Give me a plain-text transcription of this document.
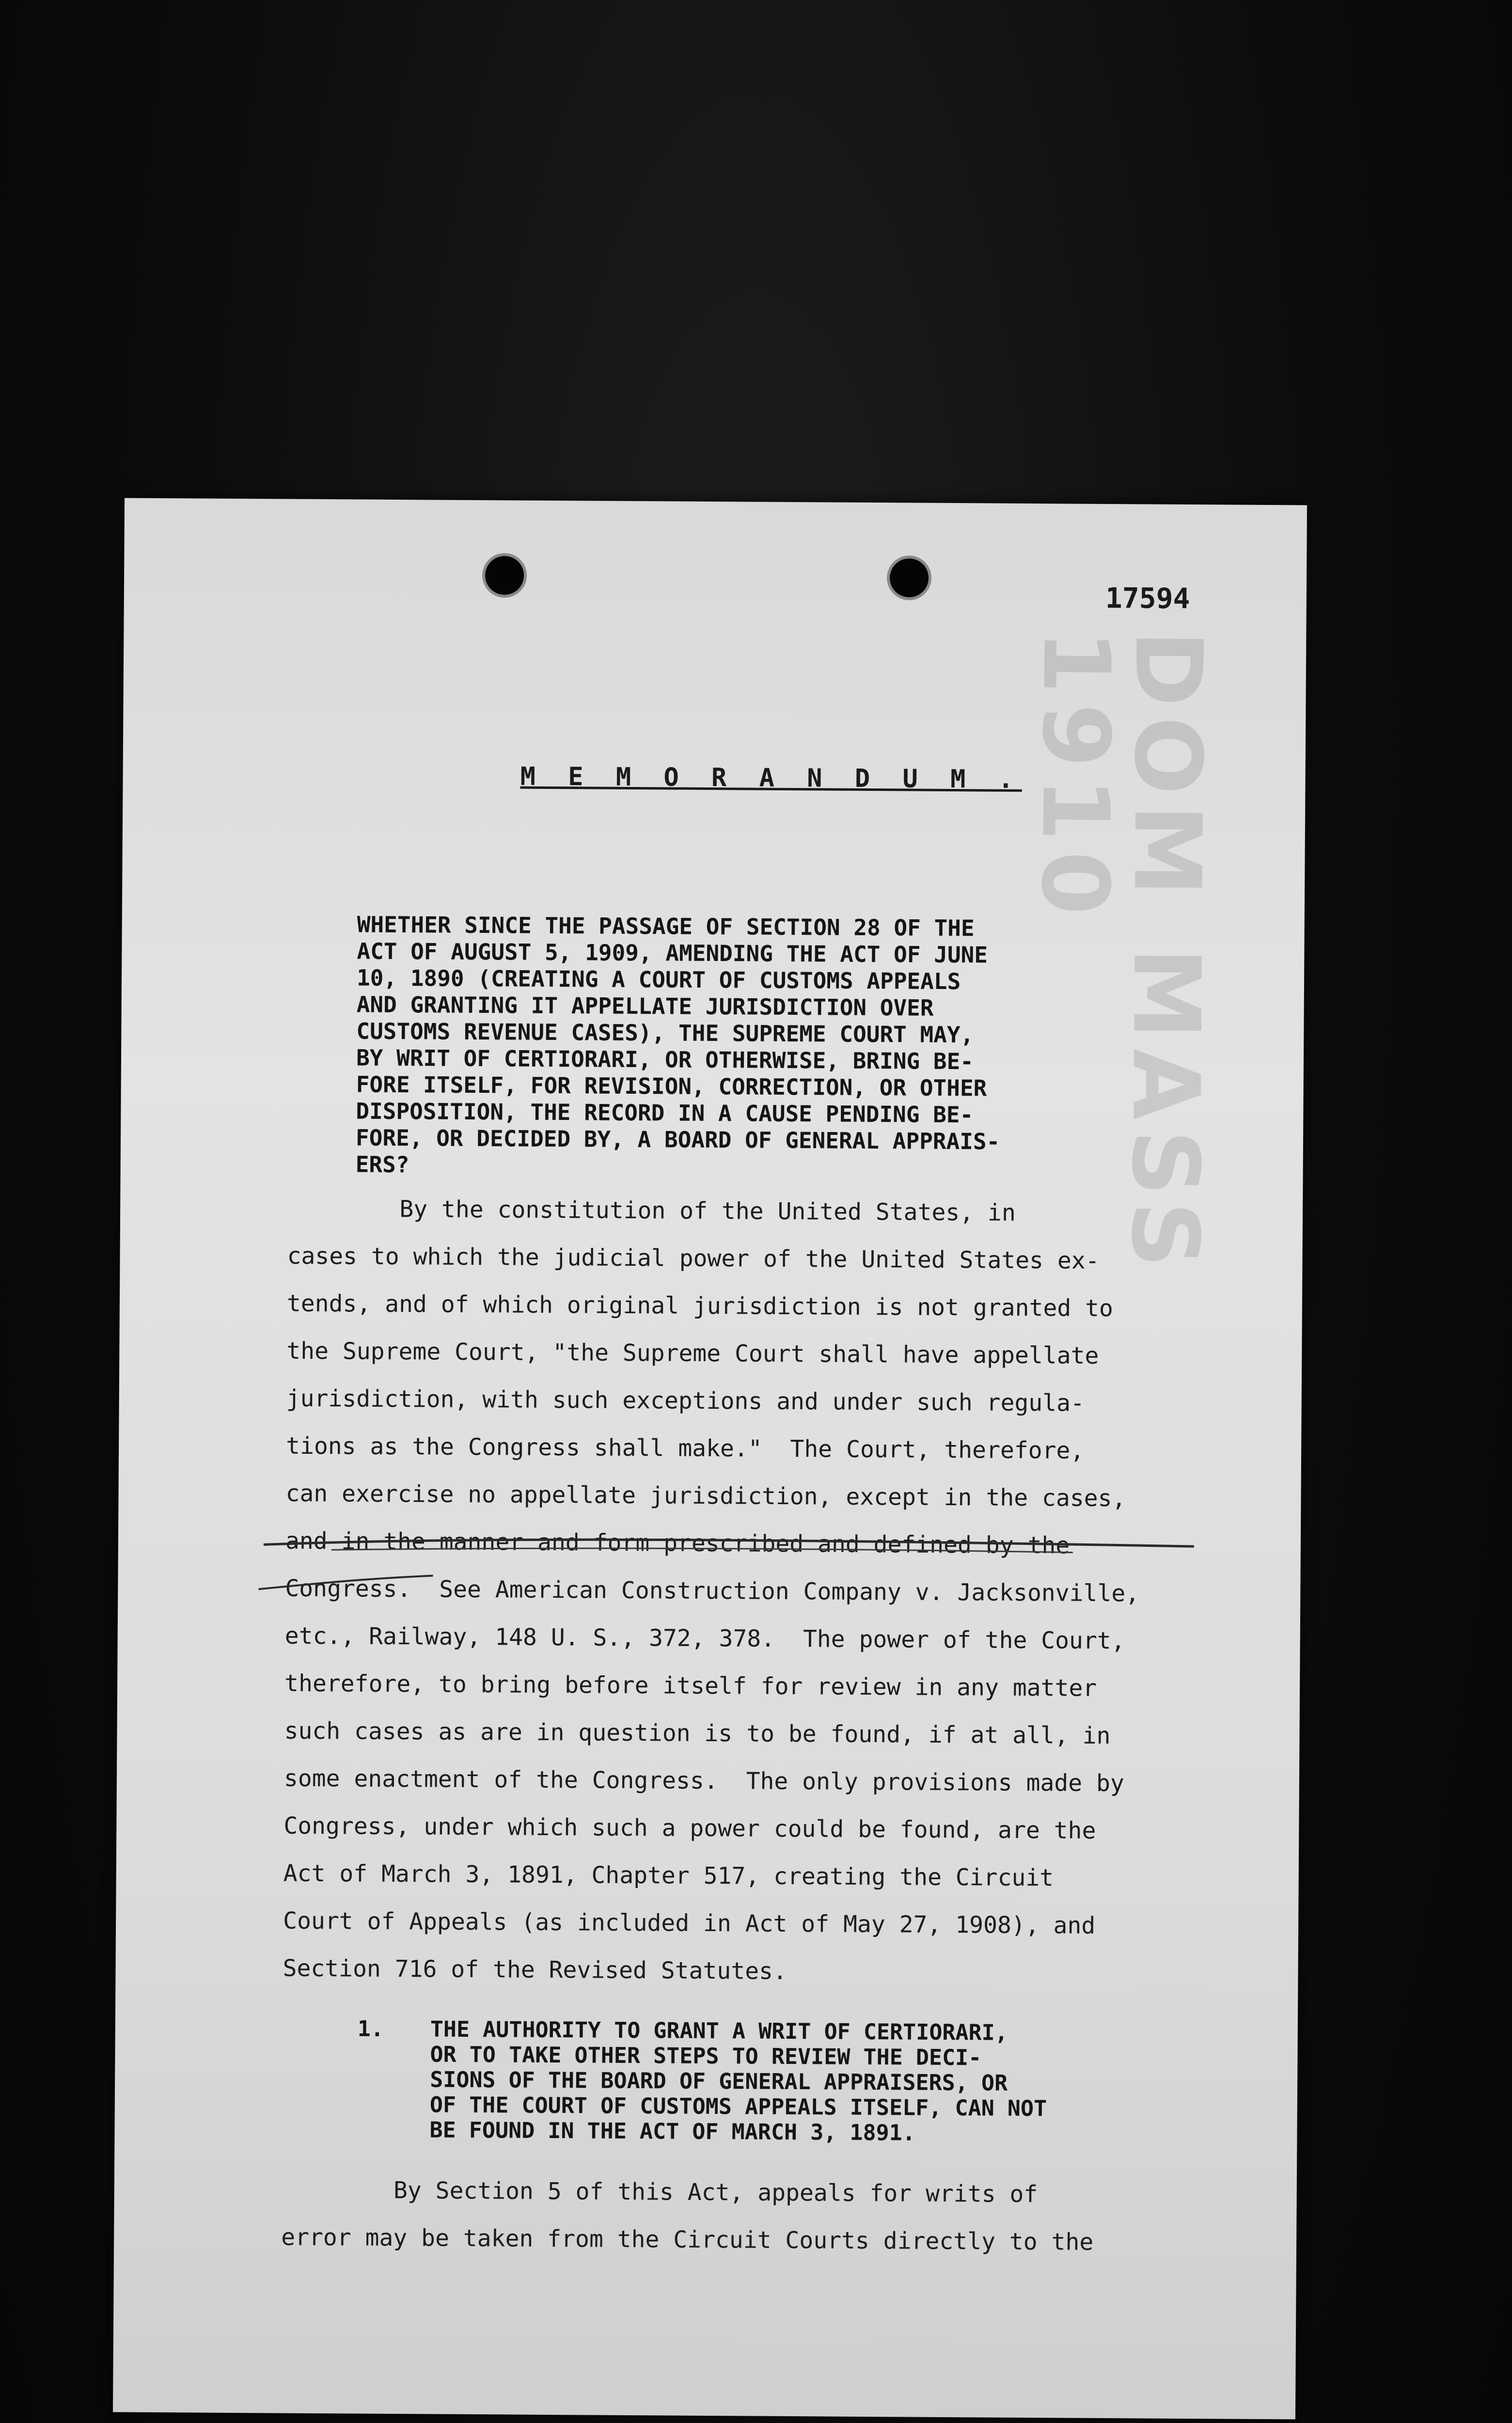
DOM MASS 1910
17594
M E M O R A N D U M .
WHETHER SINCE THE PASSAGE OF SECTION 28 OF THE
ACT OF AUGUST 5, 1909, AMENDING THE ACT OF JUNE
10, 1890 (CREATING A COURT OF CUSTOMS APPEALS
AND GRANTING IT APPELLATE JURISDICTION OVER
CUSTOMS REVENUE CASES), THE SUPREME COURT MAY,
BY WRIT OF CERTIORARI, OR OTHERWISE, BRING BE-
FORE ITSELF, FOR REVISION, CORRECTION, OR OTHER
DISPOSITION, THE RECORD IN A CAUSE PENDING BE-
FORE, OR DECIDED BY, A BOARD OF GENERAL APPRAIS-
ERS?
By the constitution of the United States, in
cases to which the judicial power of the United States ex-
tends, and of which original jurisdiction is not granted to
the Supreme Court, "the Supreme Court shall have appellate
jurisdiction, with such exceptions and under such regula-
tions as the Congress shall make."  The Court, therefore,
can exercise no appellate jurisdiction, except in the cases,
and in the manner and form prescribed and defined by the
Congress.  See American Construction Company v. Jacksonville,
etc., Railway, 148 U. S., 372, 378.  The power of the Court,
therefore, to bring before itself for review in any matter
such cases as are in question is to be found, if at all, in
some enactment of the Congress.  The only provisions made by
Congress, under which such a power could be found, are the
Act of March 3, 1891, Chapter 517, creating the Circuit
Court of Appeals (as included in Act of May 27, 1908), and
Section 716 of the Revised Statutes.
1. THE AUTHORITY TO GRANT A WRIT OF CERTIORARI,
OR TO TAKE OTHER STEPS TO REVIEW THE DECI-
SIONS OF THE BOARD OF GENERAL APPRAISERS, OR
OF THE COURT OF CUSTOMS APPEALS ITSELF, CAN NOT
BE FOUND IN THE ACT OF MARCH 3, 1891.
By Section 5 of this Act, appeals for writs of
error may be taken from the Circuit Courts directly to the
